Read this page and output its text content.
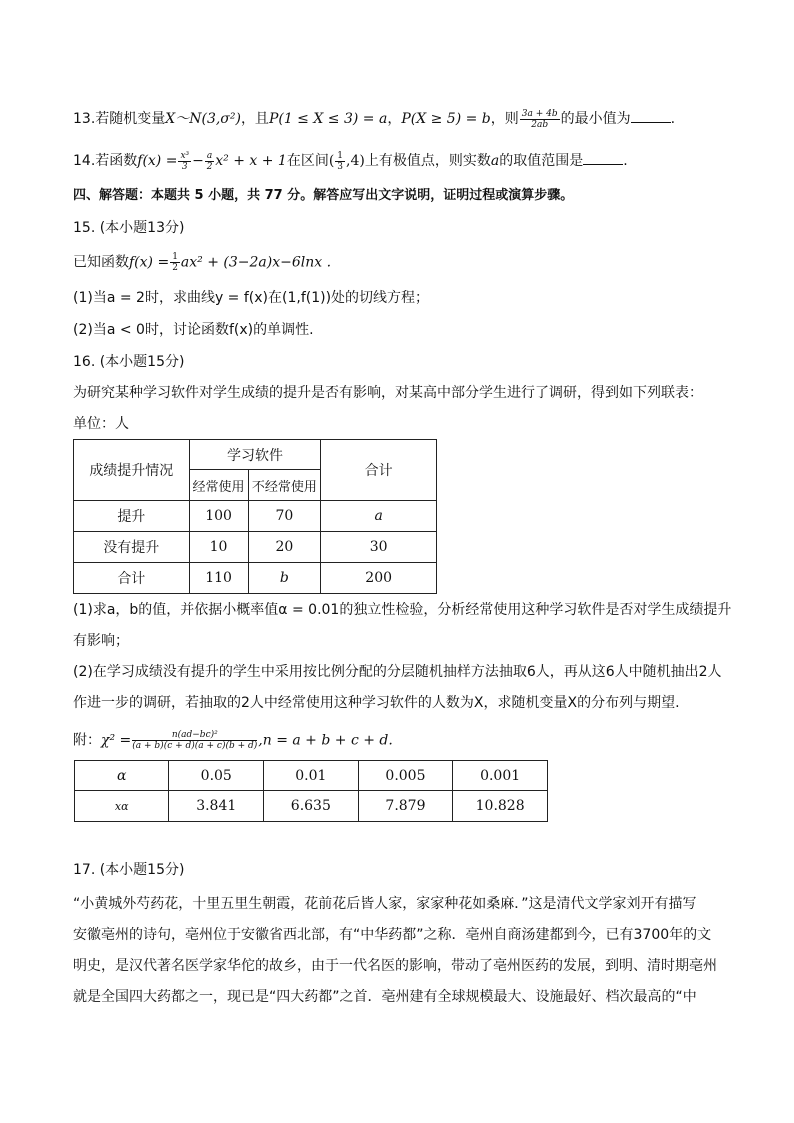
13.若随机变量X～N(3,σ²)，且P(1 ≤ X ≤ 3) = a，P(X ≥ 5) = b，则 $\frac{3a + 4b}{2ab}$ 的最小值为	.
14.若函数$f(x) = \frac{\text{x³}}{3} - \frac{a}{2} x^2 + x + 1$在区间( $\frac{1}{3} ,4$)上有极值点，则实数a的取值范围是	.
四、解答题：本题共 5 小题，共 77 分。解答应写出文字说明，证明过程或演算步骤。
15. (本小题13分)
已知函数$f(x) = \frac{1}{2} ax^2 + (3-2a)x-6\ln x$ .
(1)当a = 2时，求曲线y = f(x)在(1,f(1))处的切线方程；
(2)当a < 0时，讨论函数f(x)的单调性.
16. (本小题15分)
为研究某种学习软件对学生成绩的提升是否有影响，对某高中部分学生进行了调研，得到如下列联表：
单位：人
成绩提升情况	学习软件		合计
	经常使用	不经常使用	
提升	100	70	a
没有提升	10	20	30
合计	110	b	200
(1)求a，b的值，并依据小概率值α = 0.01的独立性检验，分析经常使用这种学习软件是否对学生成绩提升
有影响；
(2)在学习成绩没有提升的学生中采用按比例分配的分层随机抽样方法抽取6人，再从这6人中随机抽出2人
作进一步的调研，若抽取的2人中经常使用这种学习软件的人数为X，求随机变量X的分布列与期望.
附：$\chi^2 = \frac{\text{n(ad−bc)²}}{(a + b)(c + d)(a + c)(b + d)} ,n = a + b + c + d$.
α	0.05	0.01	0.005	0.001
xα	3.841	6.635	7.879	10.828
17. (本小题15分)
“小黄城外芍药花，十里五里生朝霞，花前花后皆人家，家家种花如桑麻．”这是清代文学家刘开有描写
安徽亳州的诗句，亳州位于安徽省西北部，有“中华药都”之称．亳州自商汤建都到今，已有3700年的文
明史，是汉代著名医学家华佗的故乡，由于一代名医的影响，带动了亳州医药的发展，到明、清时期亳州
就是全国四大药都之一，现已是“四大药都”之首．亳州建有全球规模最大、设施最好、档次最高的“中
